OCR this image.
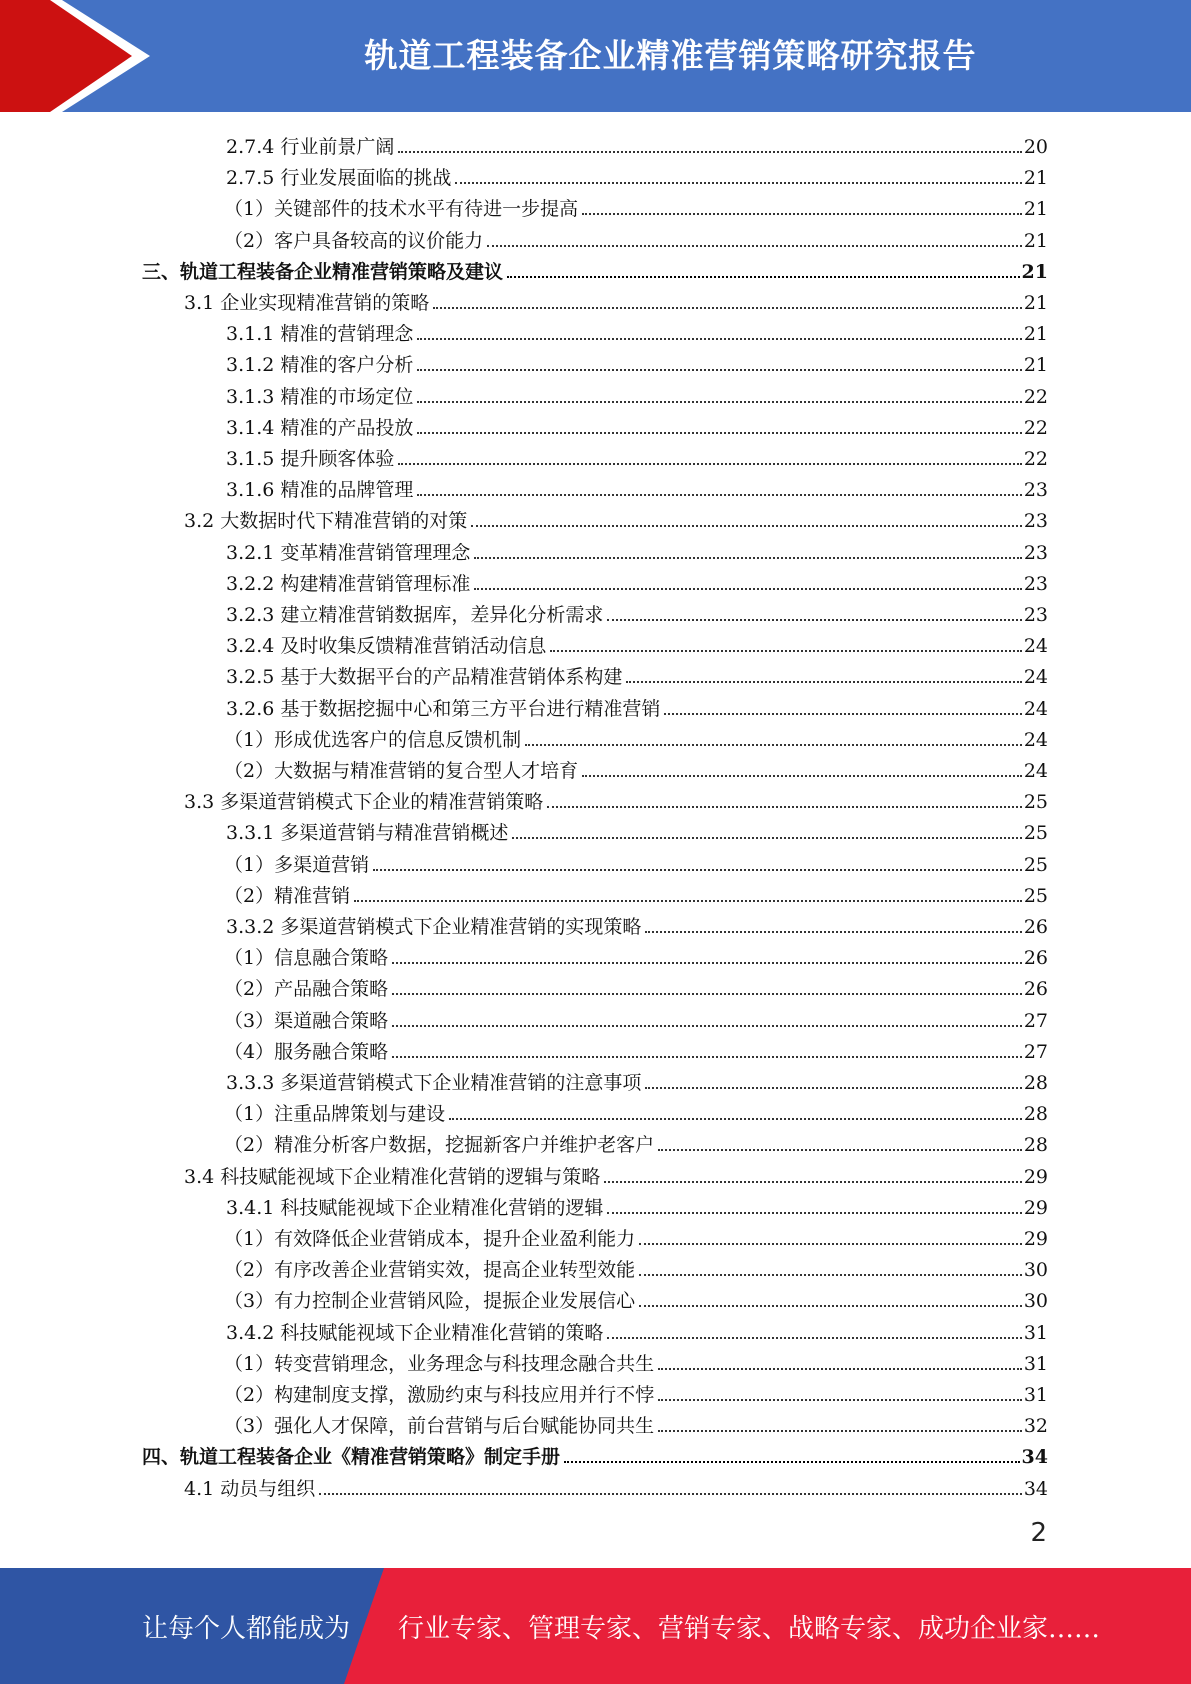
轨道工程装备企业精准营销策略研究报告
2.7.4 行业前景广阔	20
2.7.5 行业发展面临的挑战	21
（1）关键部件的技术水平有待进一步提高	21
（2）客户具备较高的议价能力	21
三、轨道工程装备企业精准营销策略及建议	21
3.1 企业实现精准营销的策略	21
3.1.1 精准的营销理念	21
3.1.2 精准的客户分析	21
3.1.3 精准的市场定位	22
3.1.4 精准的产品投放	22
3.1.5 提升顾客体验	22
3.1.6 精准的品牌管理	23
3.2 大数据时代下精准营销的对策	23
3.2.1 变革精准营销管理理念	23
3.2.2 构建精准营销管理标准	23
3.2.3 建立精准营销数据库，差异化分析需求	23
3.2.4 及时收集反馈精准营销活动信息	24
3.2.5 基于大数据平台的产品精准营销体系构建	24
3.2.6 基于数据挖掘中心和第三方平台进行精准营销	24
（1）形成优选客户的信息反馈机制	24
（2）大数据与精准营销的复合型人才培育	24
3.3 多渠道营销模式下企业的精准营销策略	25
3.3.1 多渠道营销与精准营销概述	25
（1）多渠道营销	25
（2）精准营销	25
3.3.2 多渠道营销模式下企业精准营销的实现策略	26
（1）信息融合策略	26
（2）产品融合策略	26
（3）渠道融合策略	27
（4）服务融合策略	27
3.3.3 多渠道营销模式下企业精准营销的注意事项	28
（1）注重品牌策划与建设	28
（2）精准分析客户数据，挖掘新客户并维护老客户	28
3.4 科技赋能视域下企业精准化营销的逻辑与策略	29
3.4.1 科技赋能视域下企业精准化营销的逻辑	29
（1）有效降低企业营销成本，提升企业盈利能力	29
（2）有序改善企业营销实效，提高企业转型效能	30
（3）有力控制企业营销风险，提振企业发展信心	30
3.4.2 科技赋能视域下企业精准化营销的策略	31
（1）转变营销理念，业务理念与科技理念融合共生	31
（2）构建制度支撑，激励约束与科技应用并行不悖	31
（3）强化人才保障，前台营销与后台赋能协同共生	32
四、轨道工程装备企业《精准营销策略》制定手册	34
4.1 动员与组织	34
2
让每个人都能成为 行业专家、管理专家、营销专家、战略专家、成功企业家……
